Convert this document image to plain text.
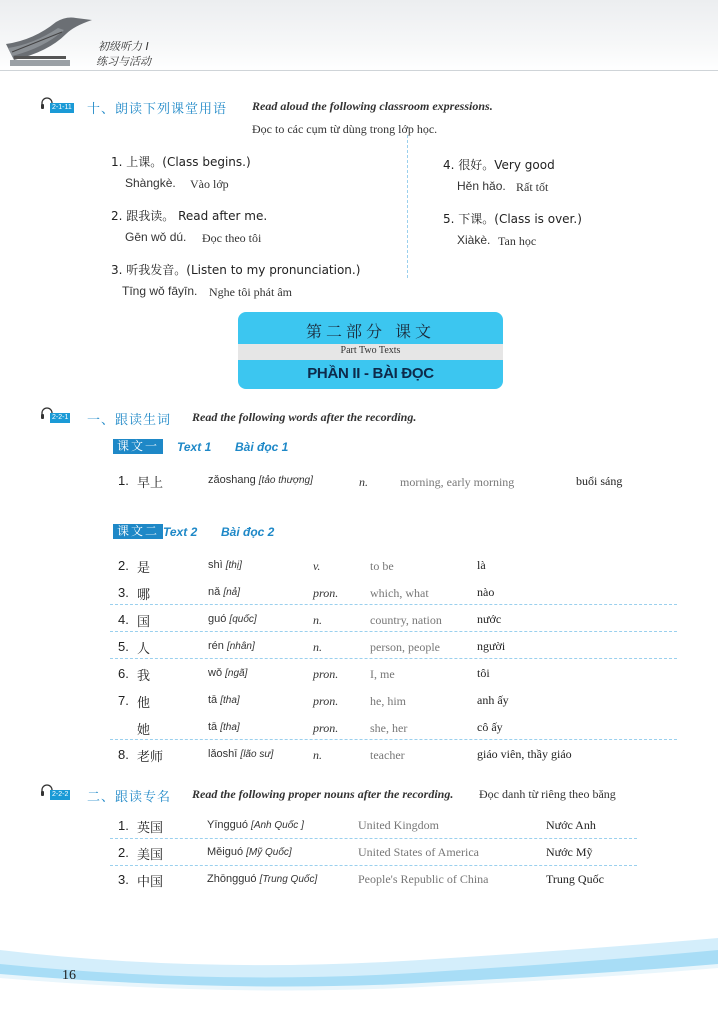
初级听力 I
练习与活动
2-1-11 十、朗读下列课堂用语 Read aloud the following classroom expressions.
Đọc to các cụm từ dùng trong lớp học.
1. 上课。(Class begins.)
Shàngkè. Vào lớp
2. 跟我读。 Read after me.
Gēn wǒ dú. Đọc theo tôi
3. 听我发音。(Listen to my pronunciation.)
Tīng wǒ fāyīn. Nghe tôi phát âm
4. 很好。Very good
Hěn hǎo. Rất tốt
5. 下课。(Class is over.)
Xiàkè. Tan học
第二部分 课文
Part Two Texts
PHẦN II - BÀI ĐỌC
2-2-1 一、跟读生词 Read the following words after the recording.
课文一	Text 1 Bài đọc 1
1. 早上	zǎoshang [tảo thượng]	n.	morning, early morning	buổi sáng
课文二 Text 2 Bài đọc 2
2. 是	shì [thị]	v.	to be	là
3. 哪	nǎ [nả]	pron.	which, what	nào
4. 国	guó [quốc]	n.	country, nation	nước
5. 人	rén [nhân]	n.	person, people	người
6. 我	wǒ [ngã]	pron.	I, me	tôi
7. 他	tā [tha]	pron.	he, him	anh ấy
她	tā [tha]	pron.	she, her	cô ấy
8. 老师	lǎoshī [lão sư]	n.	teacher	giáo viên, thầy giáo
2-2-2 二、跟读专名 Read the following proper nouns after the recording. Đọc danh từ riêng theo băng
1. 英国	Yīngguó [Anh Quốc ]	United Kingdom	Nước Anh
2. 美国	Měiguó [Mỹ Quốc]	United States of America	Nước Mỹ
3. 中国	Zhōngguó [Trung Quốc]	People's Republic of China	Trung Quốc
16
